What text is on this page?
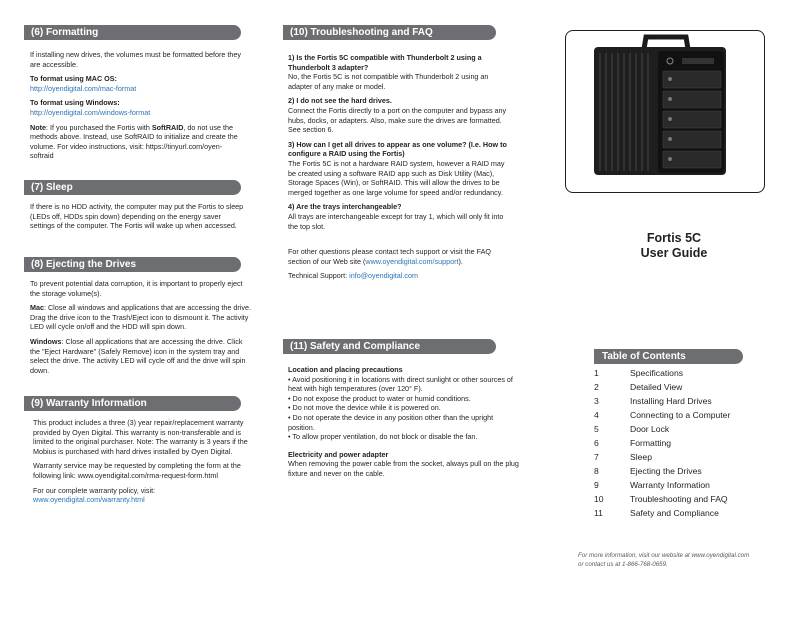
(6) Formatting

If installing new drives, the volumes must be formatted before they are accessible.

To format using MAC OS:

http://oyendigital.com/mac-format

To format using Windows:

http://oyendigital.com/windows-format

Note: If you purchased the Fortis with SoftRAID, do not use the methods above. Instead, use SoftRAID to initialize and create the volume. For video instructions, visit: https://tinyurl.com/oyen-softraid

(7) Sleep
If there is no HDD activity, the computer may put the Fortis to sleep (LEDs off, HDDs spin down) depending on the energy saver settings of the computer. The Fortis will wake up when accessed.
(8) Ejecting the Drives

To prevent potential data corruption, it is important to properly eject the storage volume(s).

Mac: Close all windows and applications that are accessing the drive. Drag the drive icon to the Trash/Eject icon to dismount it. The activity LED will cycle on/off and the HDD will spin down.

Windows: Close all applications that are accessing the drive. Click the "Eject Hardware" (Safely Remove) icon in the system tray and select the drive. The activity LED will cycle off and the drive will spin down.

(9) Warranty Information

This product includes a three (3) year repair/replacement warranty provided by Oyen Digital. This warranty is non-transferable and is limited to the original purchaser. Note: The warranty is 3 years if the Mobius is purchased with hard drives installed by Oyen Digital.

Warranty service may be requested by completing the form at the following link: www.oyendigital.com/rma-request-form.html

For our complete warranty policy, visit:

www.oyendigital.com/warranty.html

(10) Troubleshooting and FAQ

1) Is the Fortis 5C compatible with Thunderbolt 2 using a Thunderbolt 3 adapter?

No, the Fortis 5C is not compatible with Thunderbolt 2 using an adapter of any make or model.

2) I do not see the hard drives.

Connect the Fortis directly to a port on the computer and bypass any hubs, docks, or adapters. Also, make sure the drives are formatted. See section 6.

3) How can I get all drives to appear as one volume? (I.e. How to configure a RAID using the Fortis)

The Fortis 5C is not a hardware RAID system, however a RAID may be created using a software RAID app such as Disk Utility (Mac), Storage Spaces (Win), or SoftRAID. This will allow the drives to be merged together as one large volume for speed and/or redundancy.

4) Are the trays interchangeable?

All trays are interchangeable except for tray 1, which will only fit into the top slot.

For other questions please contact tech support or visit the FAQ section of our Web site (www.oyendigital.com/support).

Technical Support: info@oyendigital.com

(11) Safety and Compliance

Location and placing precautions

• Avoid positioning it in locations with direct sunlight or other sources of heat with high temperatures (over 120° F).

• Do not expose the product to water or humid conditions.

• Do not move the device while it is powered on.

• Do not operate the device in any position other than the upright position.

• To allow proper ventilation, do not block or disable the fan.

Electricity and power adapter

When removing the power cable from the socket, always pull on the plug fixture and never on the cable.

Fortis 5C
User Guide
Table of Contents
1	Specifications
2	Detailed View
3	Installing Hard Drives
4	Connecting to a Computer
5	Door Lock
6	Formatting
7	Sleep
8	Ejecting the Drives
9	Warranty Information
10	Troubleshooting and FAQ
11	Safety and Compliance
For more information, visit our website at www.oyendigital.com
or contact us at 1-866-768-0659.
